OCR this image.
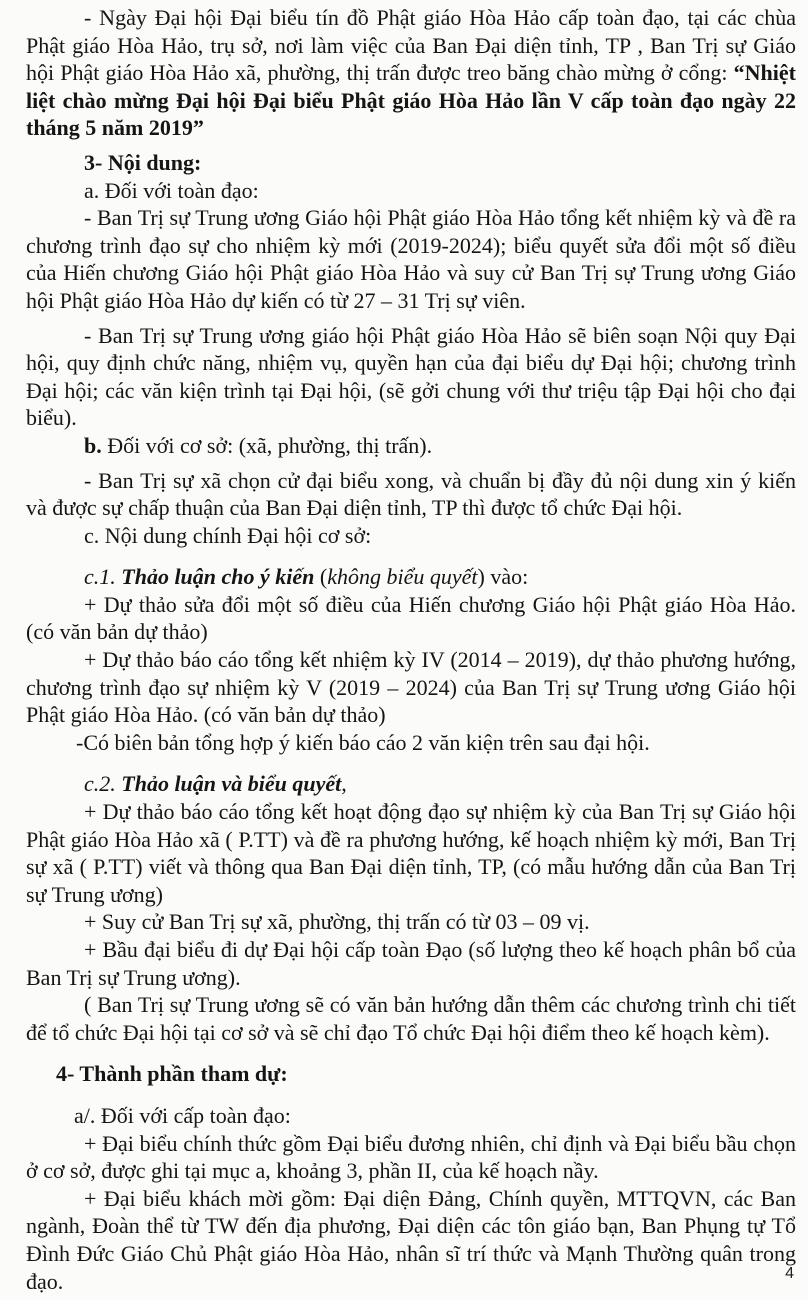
- Ngày Đại hội Đại biểu tín đồ Phật giáo Hòa Hảo cấp toàn đạo, tại các chùa Phật giáo Hòa Hảo, trụ sở, nơi làm việc của Ban Đại diện tỉnh, TP , Ban Trị sự Giáo hội Phật giáo Hòa Hảo xã, phường, thị trấn được treo băng chào mừng ở cổng: “Nhiệt liệt chào mừng Đại hội Đại biểu Phật giáo Hòa Hảo lần V cấp toàn đạo ngày 22 tháng 5 năm 2019”

3- Nội dung:

a. Đối với toàn đạo:

- Ban Trị sự Trung ương Giáo hội Phật giáo Hòa Hảo tổng kết nhiệm kỳ và đề ra chương trình đạo sự cho nhiệm kỳ mới (2019-2024); biểu quyết sửa đổi một số điều của Hiến chương Giáo hội Phật giáo Hòa Hảo và suy cử Ban Trị sự Trung ương Giáo hội Phật giáo Hòa Hảo dự kiến có từ 27 – 31 Trị sự viên.

- Ban Trị sự Trung ương giáo hội Phật giáo Hòa Hảo sẽ biên soạn Nội quy Đại hội, quy định chức năng, nhiệm vụ, quyền hạn của đại biểu dự Đại hội; chương trình Đại hội; các văn kiện trình tại Đại hội, (sẽ gởi chung với thư triệu tập Đại hội cho đại biểu).

b. Đối với cơ sở: (xã, phường, thị trấn).

- Ban Trị sự xã chọn cử đại biểu xong, và chuẩn bị đầy đủ nội dung xin ý kiến và được sự chấp thuận của Ban Đại diện tỉnh, TP thì được tổ chức Đại hội.

c. Nội dung chính Đại hội cơ sở:

c.1. Thảo luận cho ý kiến (không biểu quyết) vào:

+ Dự thảo sửa đổi một số điều của Hiến chương Giáo hội Phật giáo Hòa Hảo. (có văn bản dự thảo)

+ Dự thảo báo cáo tổng kết nhiệm kỳ IV (2014 – 2019), dự thảo phương hướng, chương trình đạo sự nhiệm kỳ V (2019 – 2024) của Ban Trị sự Trung ương Giáo hội Phật giáo Hòa Hảo. (có văn bản dự thảo)

-Có biên bản tổng hợp ý kiến báo cáo 2 văn kiện trên sau đại hội.

c.2. Thảo luận và biểu quyết,

+ Dự thảo báo cáo tổng kết hoạt động đạo sự nhiệm kỳ của Ban Trị sự Giáo hội Phật giáo Hòa Hảo xã ( P.TT) và đề ra phương hướng, kế hoạch nhiệm kỳ mới, Ban Trị sự xã ( P.TT) viết và thông qua Ban Đại diện tỉnh, TP, (có mẫu hướng dẫn của Ban Trị sự Trung ương)

+ Suy cử Ban Trị sự xã, phường, thị trấn có từ 03 – 09 vị.

+ Bầu đại biểu đi dự Đại hội cấp toàn Đạo (số lượng theo kế hoạch phân bổ của Ban Trị sự Trung ương).

( Ban Trị sự Trung ương sẽ có văn bản hướng dẫn thêm các chương trình chi tiết để tổ chức Đại hội tại cơ sở và sẽ chỉ đạo Tổ chức Đại hội điểm theo kế hoạch kèm).

4- Thành phần tham dự:

a/. Đối với cấp toàn đạo:

+ Đại biểu chính thức gồm Đại biểu đương nhiên, chỉ định và Đại biểu bầu chọn ở cơ sở, được ghi tại mục a, khoảng 3, phần II, của kế hoạch nầy.

+ Đại biểu khách mời gồm: Đại diện Đảng, Chính quyền, MTTQVN, các Ban ngành, Đoàn thể từ TW đến địa phương, Đại diện các tôn giáo bạn, Ban Phụng tự Tổ Đình Đức Giáo Chủ Phật giáo Hòa Hảo, nhân sĩ trí thức và Mạnh Thường quân trong đạo.	4
